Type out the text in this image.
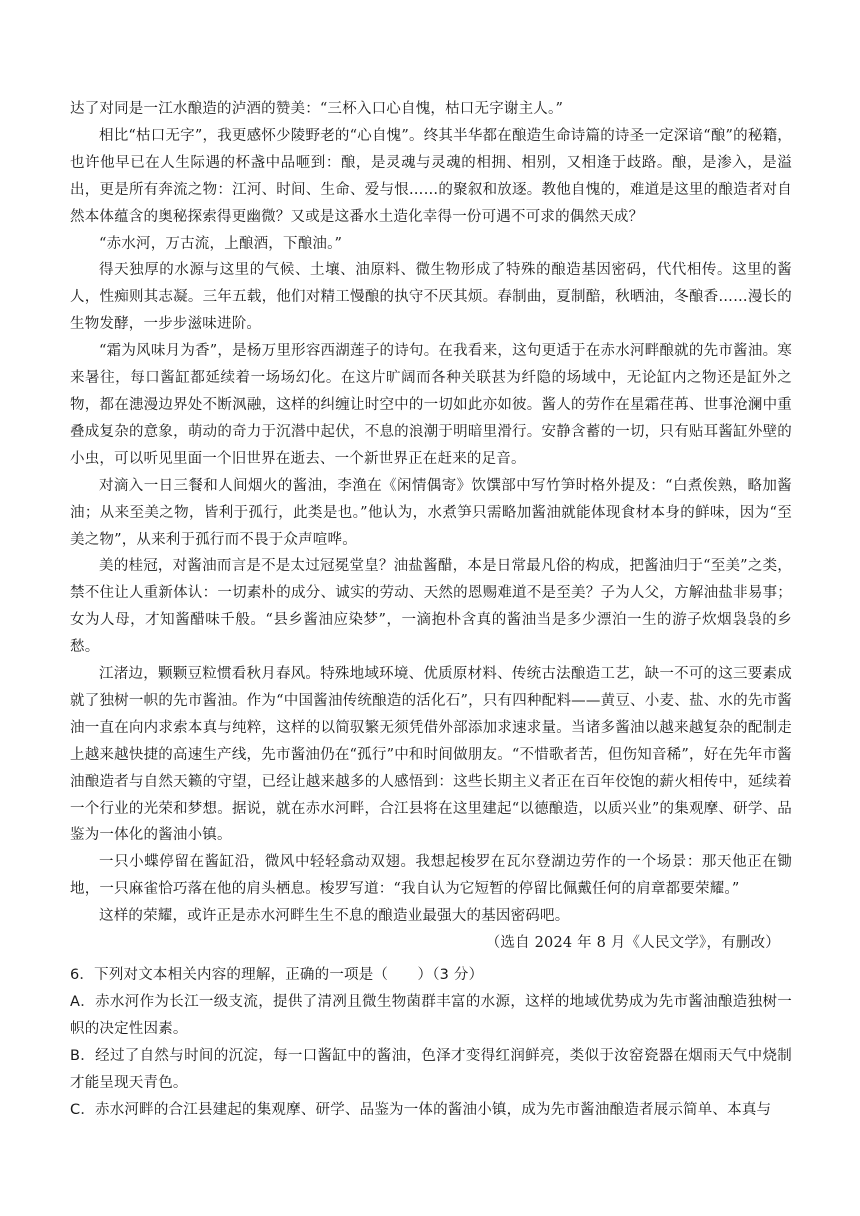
达了对同是一江水酿造的泸酒的赞美：“三杯入口心自愧，枯口无字谢主人。”

相比“枯口无字”，我更感怀少陵野老的“心自愧”。终其半华都在酿造生命诗篇的诗圣一定深谙“酿”的秘籍，也许他早已在人生际遇的杯盏中品咂到：酿，是灵魂与灵魂的相拥、相别，又相逢于歧路。酿，是渗入，是溢出，更是所有奔流之物：江河、时间、生命、爱与恨……的聚叙和放逐。教他自愧的，难道是这里的酿造者对自然本体蕴含的奥秘探索得更幽微？又或是这番水土造化幸得一份可遇不可求的偶然天成？

“赤水河，万古流，上酿酒，下酿油。”

得天独厚的水源与这里的气候、土壤、油原料、微生物形成了特殊的酿造基因密码，代代相传。这里的酱人，性痴则其志凝。三年五载，他们对精工慢酿的执守不厌其烦。春制曲，夏制醅，秋晒油，冬酿香……漫长的生物发酵，一步步滋味进阶。

“霜为风味月为香”，是杨万里形容西湖莲子的诗句。在我看来，这句更适于在赤水河畔酿就的先市酱油。寒来暑往，每口酱缸都延续着一场场幻化。在这片旷阔而各种关联甚为纤隐的场域中，无论缸内之物还是缸外之物，都在漶漫边界处不断沨融，这样的纠缠让时空中的一切如此亦如彼。酱人的劳作在星霜荏苒、世事沧澜中重叠成复杂的意象，萌动的奇力于沉潜中起伏，不息的浪潮于明暗里滑行。安静含蓄的一切，只有贴耳酱缸外壁的小虫，可以听见里面一个旧世界在逝去、一个新世界正在赶来的足音。

对滴入一日三餐和人间烟火的酱油，李渔在《闲情偶寄》饮馔部中写竹笋时格外提及：“白煮俟熟，略加酱油；从来至美之物，皆利于孤行，此类是也。”他认为，水煮笋只需略加酱油就能体现食材本身的鲜味，因为“至美之物”，从来利于孤行而不畏于众声喧哗。

美的桂冠，对酱油而言是不是太过冠冕堂皇？油盐酱醋，本是日常最凡俗的构成，把酱油归于“至美”之类，禁不住让人重新体认：一切素朴的成分、诚实的劳动、天然的恩赐难道不是至美？子为人父，方解油盐非易事；女为人母，才知酱醋味千般。“县乡酱油应染梦”，一滴抱朴含真的酱油当是多少漂泊一生的游子炊烟袅袅的乡愁。

江渚边，颗颗豆粒惯看秋月春风。特殊地域环境、优质原材料、传统古法酿造工艺，缺一不可的这三要素成就了独树一帜的先市酱油。作为“中国酱油传统酿造的活化石”，只有四种配料——黄豆、小麦、盐、水的先市酱油一直在向内求索本真与纯粹，这样的以简驭繁无须凭借外部添加求速求量。当诸多酱油以越来越复杂的配制走上越来越快捷的高速生产线，先市酱油仍在“孤行”中和时间做朋友。“不惜歌者苦，但伤知音稀”，好在先年市酱油酿造者与自然天籁的守望，已经让越来越多的人感悟到：这些长期主义者正在百年佼饱的薪火相传中，延续着一个行业的光荣和梦想。据说，就在赤水河畔，合江县将在这里建起“以德酿造，以质兴业”的集观摩、研学、品鉴为一体化的酱油小镇。

一只小蝶停留在酱缸沿，微风中轻轻翕动双翅。我想起梭罗在瓦尔登湖边劳作的一个场景：那天他正在锄地，一只麻雀恰巧落在他的肩头栖息。梭罗写道：“我自认为它短暂的停留比佩戴任何的肩章都要荣耀。”

这样的荣耀，或许正是赤水河畔生生不息的酿造业最强大的基因密码吧。

（选自 2024 年 8 月《人民文学》，有删改）

6．下列对文本相关内容的理解，正确的一项是（　　）（3 分）

A．赤水河作为长江一级支流，提供了清冽且微生物菌群丰富的水源，这样的地域优势成为先市酱油酿造独树一帜的决定性因素。

B．经过了自然与时间的沉淀，每一口酱缸中的酱油，色泽才变得红润鲜亮，类似于汝窑瓷器在烟雨天气中烧制才能呈现天青色。

C．赤水河畔的合江县建起的集观摩、研学、品鉴为一体的酱油小镇，成为先市酱油酿造者展示简单、本真与
